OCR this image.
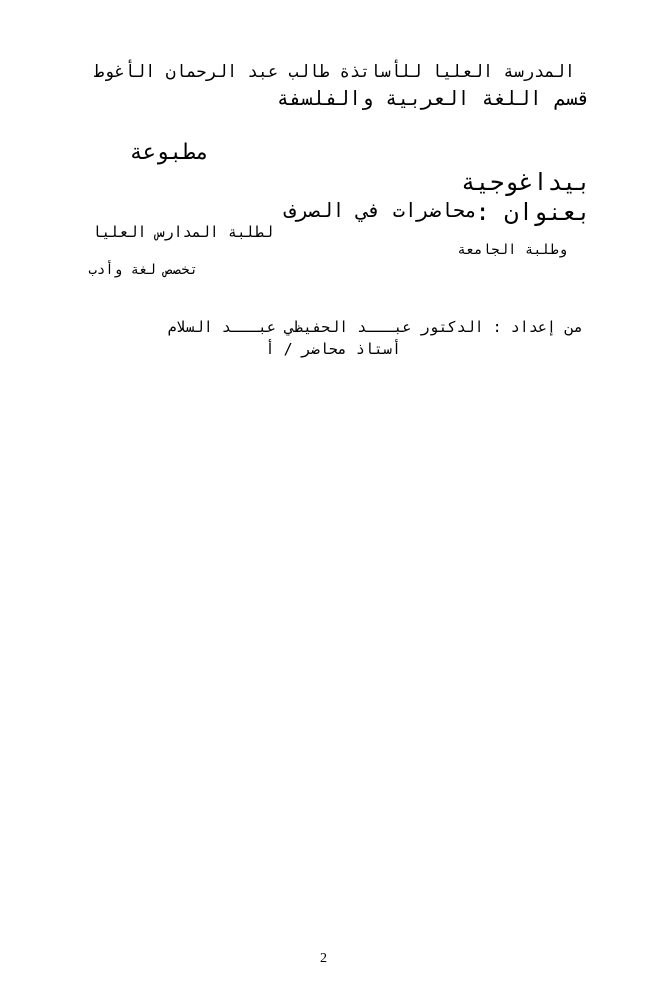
المدرسة العليا للأساتذة طالب عبد الرحمان الأغوط
قسم اللغة العربية والفلسفة
مطبوعة
بيداغوجية
محاضرات في الصرف
بعنوان :
لطلبة المدارس العليا
وطلبة الجامعة
تخصص لغة وأدب
من إعداد : الدكتور عبـــد الحفيظي عبـــد السلام
أستاذ محاضر / أ
2
